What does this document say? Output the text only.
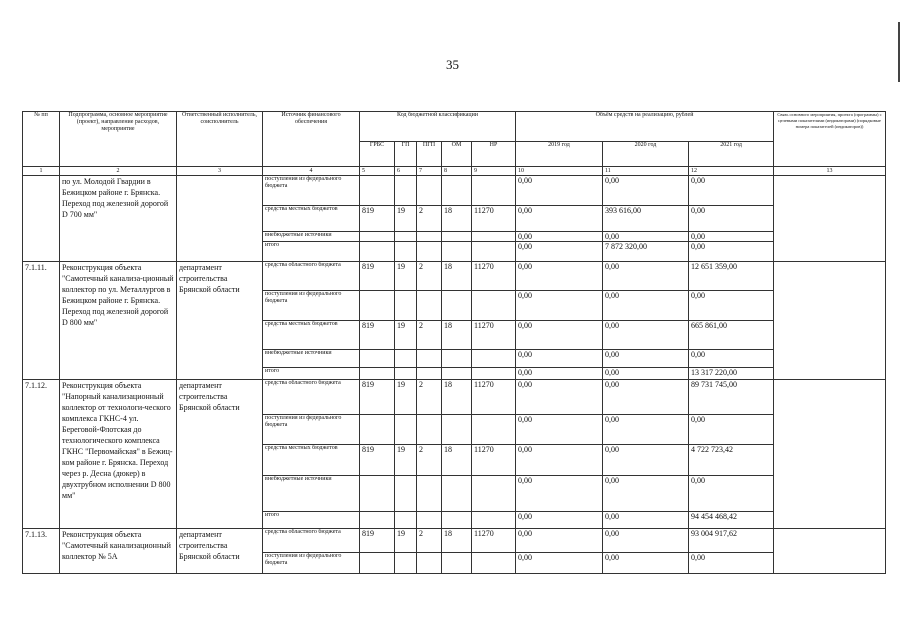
35
№ пп	Подпрограмма, основное мероприятие (проект), направление расходов, мероприятие	Ответственный исполнитель, соисполнитель	Источник финансового обеспечения	Код бюджетной классификации					Объём средств на реализацию, рублей			Связь основного мероприятия, проекта (программы) с целевыми показателями (индикаторами) (порядковые номера показателей (индикаторов))
				ГРБС	ГП	ПГП	ОМ	НР	2019 год	2020 год	2021 год	
1	2	3	4	5	6	7	8	9	10	11	12	13
	по ул. Молодой Гвардии в Бежицком районе г. Брянска. Переход под железной дорогой D 700 мм"		поступления из федерального бюджета						0,00	0,00	0,00	
			средства местных бюджетов	819	19	2	18	11270	0,00	393 616,00	0,00	
			внебюджетные источники						0,00	0,00	0,00	
			итого						0,00	7 872 320,00	0,00	
7.1.11.	Реконструкция объекта "Самотечный канализа-ционный коллектор по ул. Металлургов в Бежицком районе г. Брянска. Переход под железной дорогой D 800 мм"	департамент строительства Брянской области	средства областного бюджета	819	19	2	18	11270	0,00	0,00	12 651 359,00	
			поступления из федерального бюджета						0,00	0,00	0,00	
			средства местных бюджетов	819	19	2	18	11270	0,00	0,00	665 861,00	
			внебюджетные источники						0,00	0,00	0,00	
			итого						0,00	0,00	13 317 220,00	
7.1.12.	Реконструкция объекта "Напорный канализационный коллектор от технологи-ческого комплекса ГКНС-4 ул. Береговой-Флотская до технологического комплекса ГКНС "Первомайская" в Бежиц-ком районе г. Брянска. Переход через р. Десна (дюкер) в двухтрубном исполнении D 800 мм"	департамент строительства Брянской области	средства областного бюджета	819	19	2	18	11270	0,00	0,00	89 731 745,00	
			поступления из федерального бюджета						0,00	0,00	0,00	
			средства местных бюджетов	819	19	2	18	11270	0,00	0,00	4 722 723,42	
			внебюджетные источники						0,00	0,00	0,00	
			итого						0,00	0,00	94 454 468,42	
7.1.13.	Реконструкция объекта "Самотечный канализационный коллектор № 5А	департамент строительства Брянской области	средства областного бюджета	819	19	2	18	11270	0,00	0,00	93 004 917,62	
			поступления из федерального бюджета						0,00	0,00	0,00	
